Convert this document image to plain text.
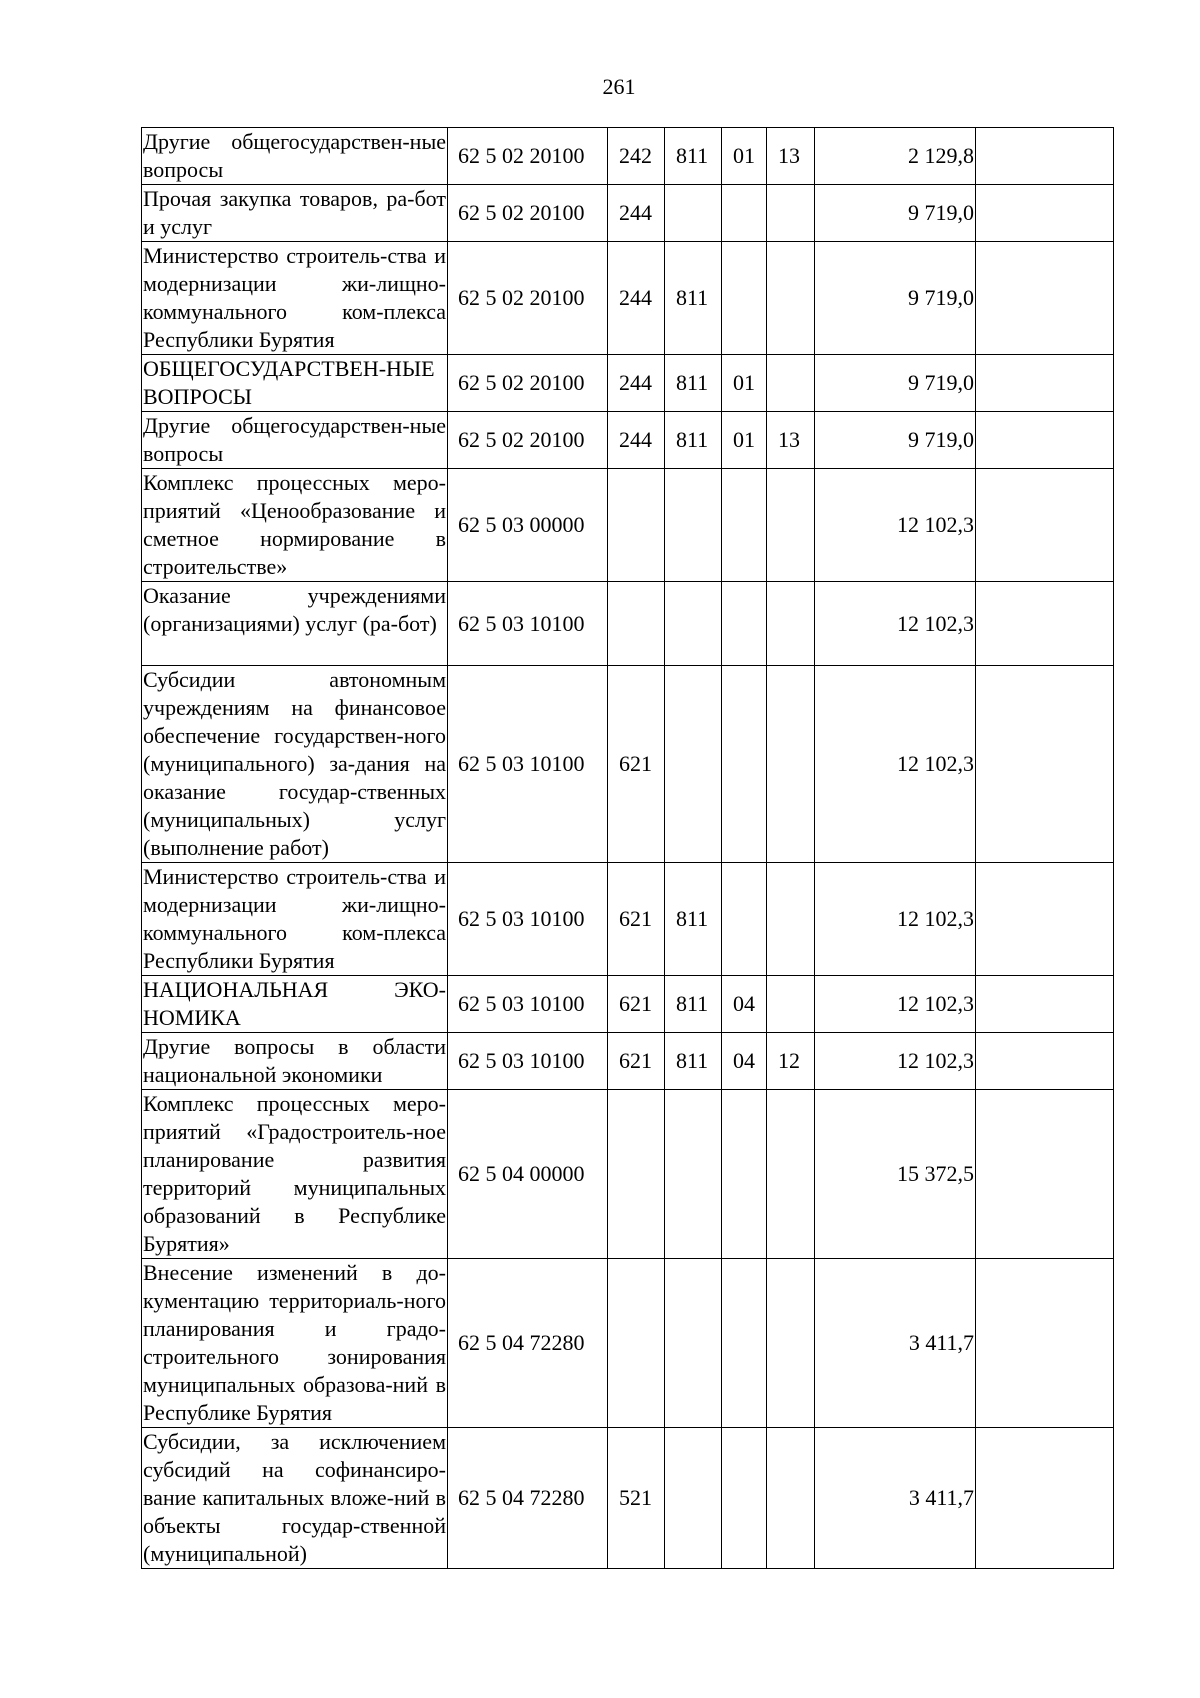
261
Другие общегосударствен-ные вопросы	62 5 02 20100	242	811	01	13	2 129,8	
Прочая закупка товаров, ра-бот и услуг	62 5 02 20100	244				9 719,0	
Министерство строитель-ства и модернизации жи-лищно-коммунального ком-плекса Республики Бурятия	62 5 02 20100	244	811			9 719,0	
ОБЩЕГОСУДАРСТВЕН-НЫЕ ВОПРОСЫ	62 5 02 20100	244	811	01		9 719,0	
Другие общегосударствен-ные вопросы	62 5 02 20100	244	811	01	13	9 719,0	
Комплекс процессных меро-приятий «Ценообразование и сметное нормирование в строительстве»	62 5 03 00000					12 102,3	
Оказание учреждениями (организациями) услуг (ра-бот)	62 5 03 10100					12 102,3	
Субсидии автономным учреждениям на финансовое обеспечение государствен-ного (муниципального) за-дания на оказание государ-ственных (муниципальных) услуг (выполнение работ)	62 5 03 10100	621				12 102,3	
Министерство строитель-ства и модернизации жи-лищно-коммунального ком-плекса Республики Бурятия	62 5 03 10100	621	811			12 102,3	
НАЦИОНАЛЬНАЯ ЭКО-НОМИКА	62 5 03 10100	621	811	04		12 102,3	
Другие вопросы в области национальной экономики	62 5 03 10100	621	811	04	12	12 102,3	
Комплекс процессных меро-приятий «Градостроитель-ное планирование развития территорий муниципальных образований в Республике Бурятия»	62 5 04 00000					15 372,5	
Внесение изменений в до-кументацию территориаль-ного планирования и градо-строительного зонирования муниципальных образова-ний в Республике Бурятия	62 5 04 72280					3 411,7	
Субсидии, за исключением субсидий на софинансиро-вание капитальных вложе-ний в объекты государ-ственной (муниципальной)	62 5 04 72280	521				3 411,7	
